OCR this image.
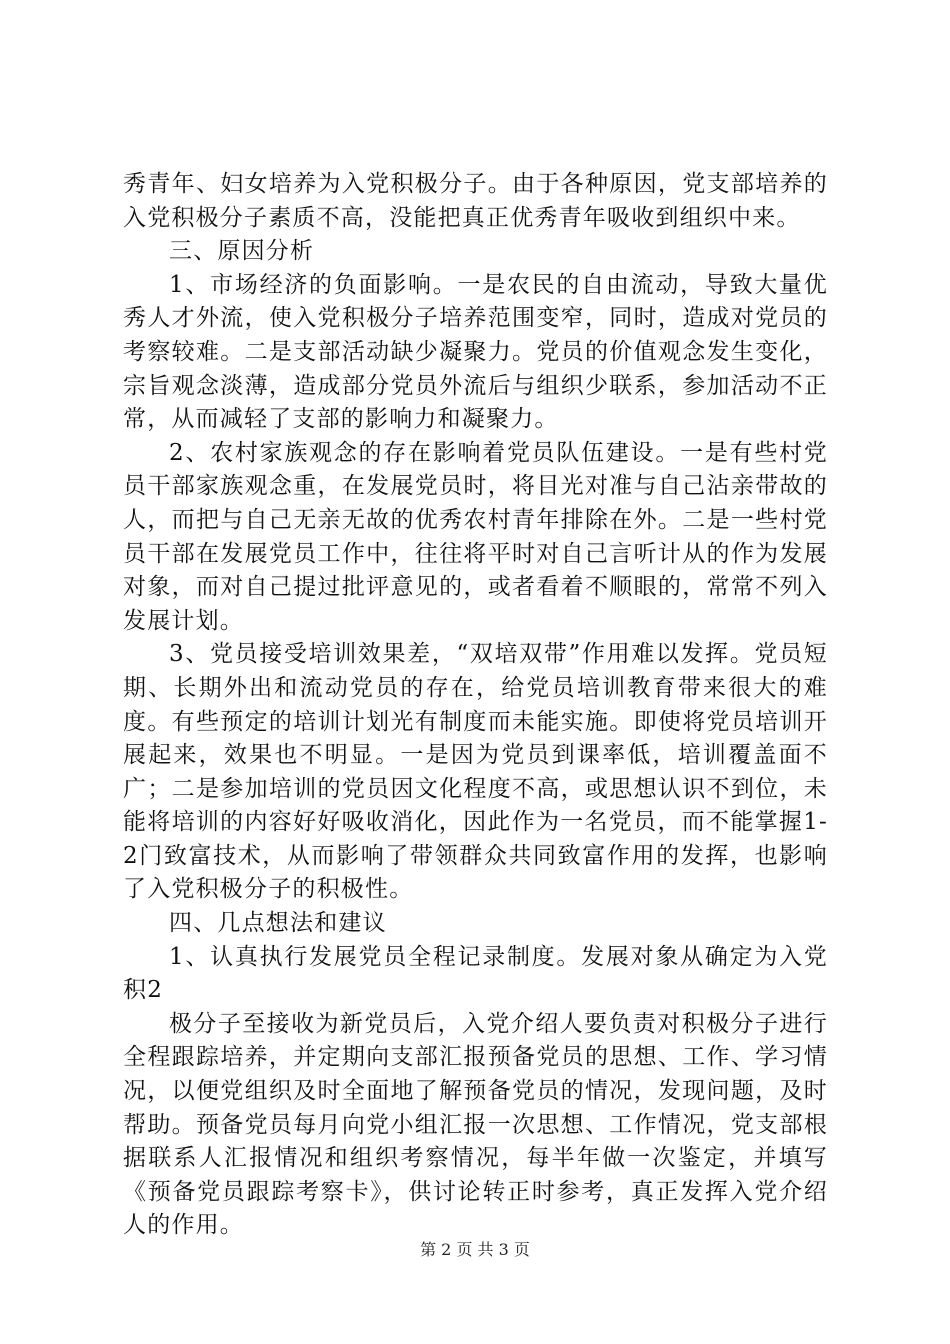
秀青年、妇女培养为入党积极分子。由于各种原因，党支部培养的入党积极分子素质不高，没能把真正优秀青年吸收到组织中来。

三、原因分析

1、市场经济的负面影响。一是农民的自由流动，导致大量优秀人才外流，使入党积极分子培养范围变窄，同时，造成对党员的考察较难。二是支部活动缺少凝聚力。党员的价值观念发生变化，宗旨观念淡薄，造成部分党员外流后与组织少联系，参加活动不正常，从而减轻了支部的影响力和凝聚力。

2、农村家族观念的存在影响着党员队伍建设。一是有些村党员干部家族观念重，在发展党员时，将目光对准与自己沾亲带故的人，而把与自己无亲无故的优秀农村青年排除在外。二是一些村党员干部在发展党员工作中，往往将平时对自己言听计从的作为发展对象，而对自己提过批评意见的，或者看着不顺眼的，常常不列入发展计划。

3、党员接受培训效果差，“双培双带”作用难以发挥。党员短期、长期外出和流动党员的存在，给党员培训教育带来很大的难度。有些预定的培训计划光有制度而未能实施。即使将党员培训开展起来，效果也不明显。一是因为党员到课率低，培训覆盖面不广；二是参加培训的党员因文化程度不高，或思想认识不到位，未能将培训的内容好好吸收消化，因此作为一名党员，而不能掌握1-2门致富技术，从而影响了带领群众共同致富作用的发挥，也影响了入党积极分子的积极性。

四、几点想法和建议

1、认真执行发展党员全程记录制度。发展对象从确定为入党积2

极分子至接收为新党员后，入党介绍人要负责对积极分子进行全程跟踪培养，并定期向支部汇报预备党员的思想、工作、学习情况，以便党组织及时全面地了解预备党员的情况，发现问题，及时帮助。预备党员每月向党小组汇报一次思想、工作情况，党支部根据联系人汇报情况和组织考察情况，每半年做一次鉴定，并填写《预备党员跟踪考察卡》，供讨论转正时参考，真正发挥入党介绍人的作用。

第 2 页 共 3 页
